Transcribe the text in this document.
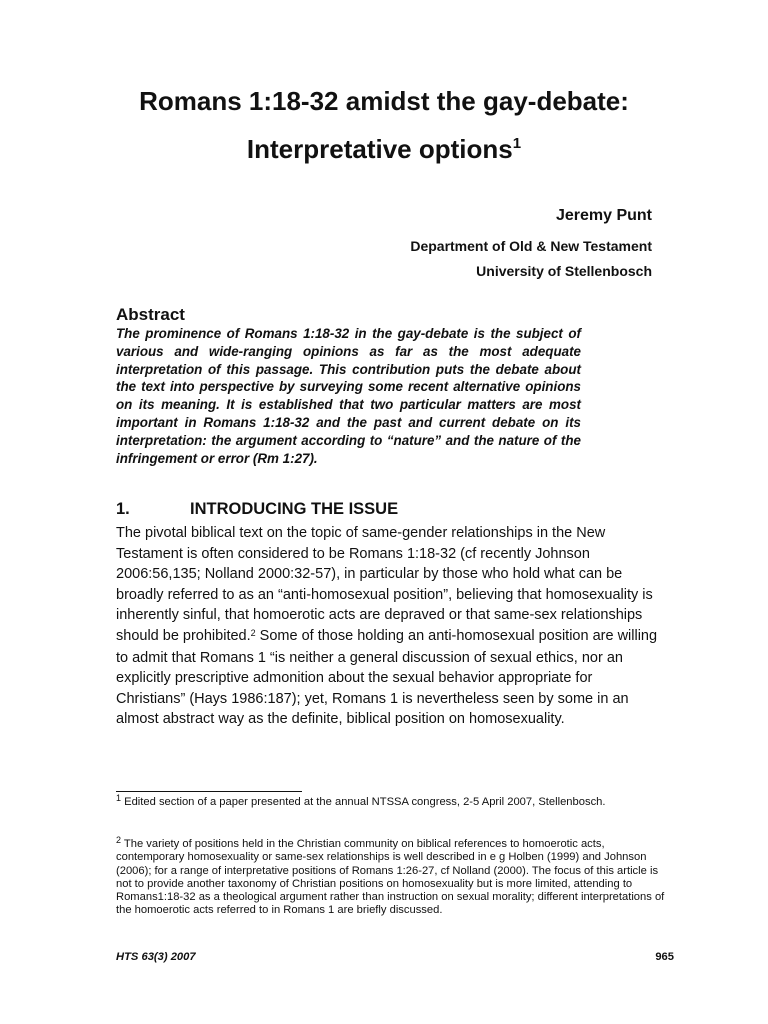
Romans 1:18-32 amidst the gay-debate:
Interpretative options$^1$

Jeremy Punt

Department of Old & New Testament

University of Stellenbosch

Abstract

The prominence of Romans 1:18-32 in the gay-debate is the subject of various and wide-ranging opinions as far as the most adequate interpretation of this passage. This contribution puts the debate about the text into perspective by surveying some recent alternative opinions on its meaning. It is established that two particular matters are most important in Romans 1:18-32 and the past and current debate on its interpretation: the argument according to “nature” and the nature of the infringement or error (Rm 1:27).

1.	INTRODUCING THE ISSUE

The pivotal biblical text on the topic of same-gender relationships in the New Testament is often considered to be Romans 1:18-32 (cf recently Johnson 2006:56,135; Nolland 2000:32-57), in particular by those who hold what can be broadly referred to as an “anti-homosexual position”, believing that homosexuality is inherently sinful, that homoerotic acts are depraved or that same-sex relationships should be prohibited.$^2$ Some of those holding an anti-homosexual position are willing to admit that Romans 1 “is neither a general discussion of sexual ethics, nor an explicitly prescriptive admonition about the sexual behavior appropriate for Christians” (Hays 1986:187); yet, Romans 1 is nevertheless seen by some in an almost abstract way as the definite, biblical position on homosexuality.

$^1$ Edited section of a paper presented at the annual NTSSA congress, 2-5 April 2007, Stellenbosch.

$^2$ The variety of positions held in the Christian community on biblical references to homoerotic acts, contemporary homosexuality or same-sex relationships is well described in e g Holben (1999) and Johnson (2006); for a range of interpretative positions of Romans 1:26-27, cf Nolland (2000). The focus of this article is not to provide another taxonomy of Christian positions on homosexuality but is more limited, attending to Romans1:18-32 as a theological argument rather than instruction on sexual morality; different interpretations of the homoerotic acts referred to in Romans 1 are briefly discussed.

HTS 63(3) 2007	965
